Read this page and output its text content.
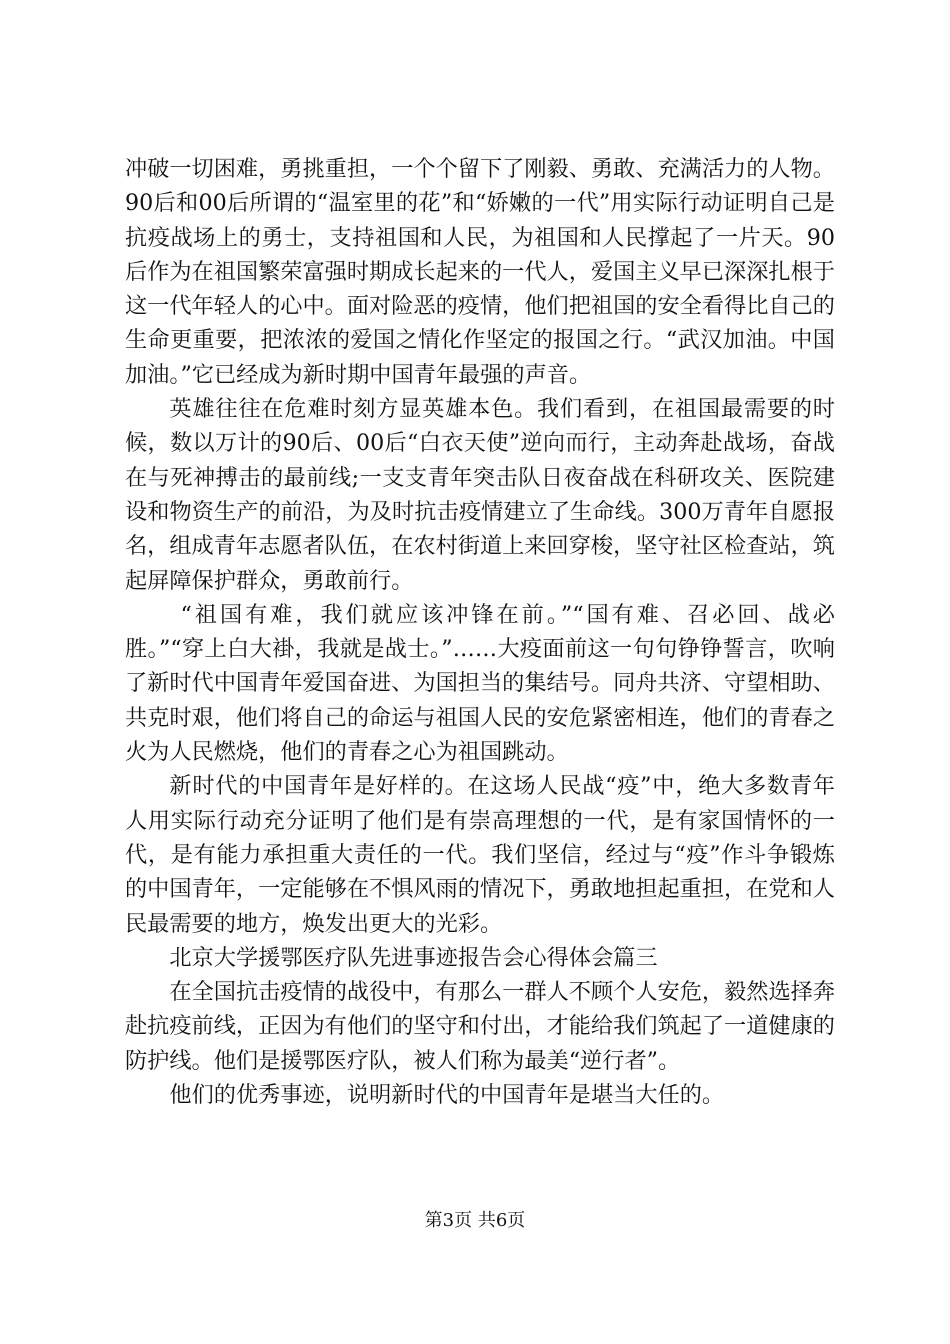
冲破一切困难，勇挑重担，一个个留下了刚毅、勇敢、充满活力的人物。90后和00后所谓的“温室里的花”和“娇嫩的一代”用实际行动证明自己是抗疫战场上的勇士，支持祖国和人民，为祖国和人民撑起了一片天。90后作为在祖国繁荣富强时期成长起来的一代人，爱国主义早已深深扎根于这一代年轻人的心中。面对险恶的疫情，他们把祖国的安全看得比自己的生命更重要，把浓浓的爱国之情化作坚定的报国之行。“武汉加油。中国加油。”它已经成为新时期中国青年最强的声音。

英雄往往在危难时刻方显英雄本色。我们看到，在祖国最需要的时候，数以万计的90后、00后“白衣天使”逆向而行，主动奔赴战场，奋战在与死神搏击的最前线;一支支青年突击队日夜奋战在科研攻关、医院建设和物资生产的前沿，为及时抗击疫情建立了生命线。300万青年自愿报名，组成青年志愿者队伍，在农村街道上来回穿梭，坚守社区检查站，筑起屏障保护群众，勇敢前行。

“祖国有难，我们就应该冲锋在前。”“国有难、召必回、战必胜。”“穿上白大褂，我就是战士。”……大疫面前这一句句铮铮誓言，吹响了新时代中国青年爱国奋进、为国担当的集结号。同舟共济、守望相助、共克时艰，他们将自己的命运与祖国人民的安危紧密相连，他们的青春之火为人民燃烧，他们的青春之心为祖国跳动。

新时代的中国青年是好样的。在这场人民战“疫”中，绝大多数青年人用实际行动充分证明了他们是有崇高理想的一代，是有家国情怀的一代，是有能力承担重大责任的一代。我们坚信，经过与“疫”作斗争锻炼的中国青年，一定能够在不惧风雨的情况下，勇敢地担起重担，在党和人民最需要的地方，焕发出更大的光彩。

北京大学援鄂医疗队先进事迹报告会心得体会篇三

在全国抗击疫情的战役中，有那么一群人不顾个人安危，毅然选择奔赴抗疫前线，正因为有他们的坚守和付出，才能给我们筑起了一道健康的防护线。他们是援鄂医疗队，被人们称为最美“逆行者”。

他们的优秀事迹，说明新时代的中国青年是堪当大任的。

第3页 共6页
